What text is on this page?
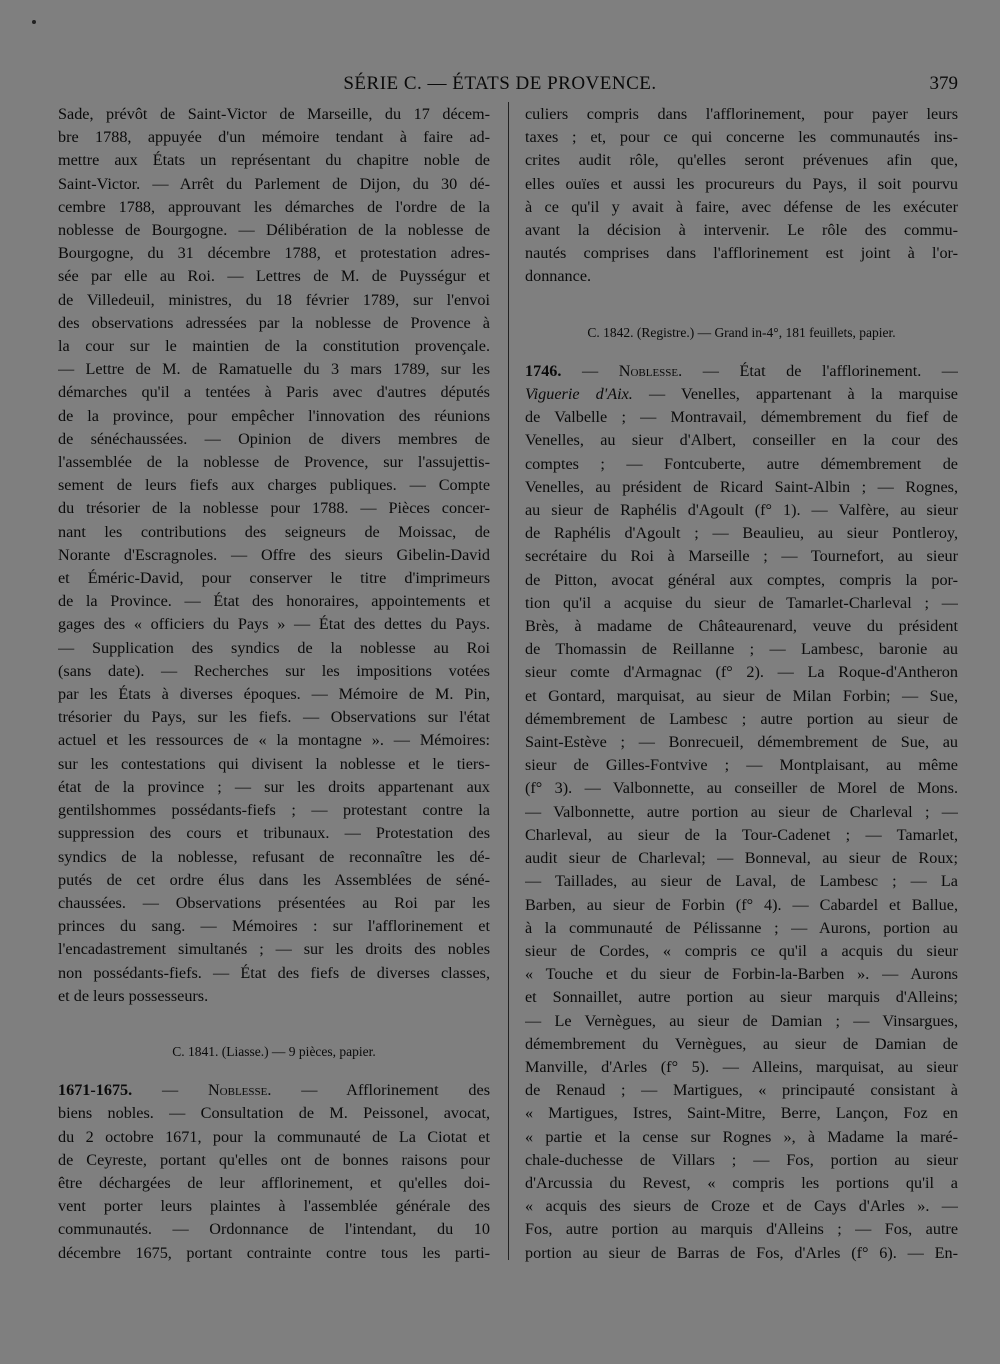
SÉRIE C. — ÉTATS DE PROVENCE.	379

Sade, prévôt de Saint-Victor de Marseille, du 17 décem-

bre 1788, appuyée d'un mémoire tendant à faire ad-

mettre aux États un représentant du chapitre noble de

Saint-Victor. — Arrêt du Parlement de Dijon, du 30 dé-

cembre 1788, approuvant les démarches de l'ordre de la

noblesse de Bourgogne. — Délibération de la noblesse de

Bourgogne, du 31 décembre 1788, et protestation adres-

sée par elle au Roi. — Lettres de M. de Puysségur et

de Villedeuil, ministres, du 18 février 1789, sur l'envoi

des observations adressées par la noblesse de Provence à

la cour sur le maintien de la constitution provençale.

— Lettre de M. de Ramatuelle du 3 mars 1789, sur les

démarches qu'il a tentées à Paris avec d'autres députés

de la province, pour empêcher l'innovation des réunions

de sénéchaussées. — Opinion de divers membres de

l'assemblée de la noblesse de Provence, sur l'assujettis-

sement de leurs fiefs aux charges publiques. — Compte

du trésorier de la noblesse pour 1788. — Pièces concer-

nant les contributions des seigneurs de Moissac, de

Norante d'Escragnoles. — Offre des sieurs Gibelin-David

et Éméric-David, pour conserver le titre d'imprimeurs

de la Province. — État des honoraires, appointements et

gages des « officiers du Pays » — État des dettes du Pays.

— Supplication des syndics de la noblesse au Roi

(sans date). — Recherches sur les impositions votées

par les États à diverses époques. — Mémoire de M. Pin,

trésorier du Pays, sur les fiefs. — Observations sur l'état

actuel et les ressources de « la montagne ». — Mémoires:

sur les contestations qui divisent la noblesse et le tiers-

état de la province ; — sur les droits appartenant aux

gentilshommes possédants-fiefs ; — protestant contre la

suppression des cours et tribunaux. — Protestation des

syndics de la noblesse, refusant de reconnaître les dé-

putés de cet ordre élus dans les Assemblées de séné-

chaussées. — Observations présentées au Roi par les

princes du sang. — Mémoires : sur l'afflorinement et

l'encadastrement simultanés ; — sur les droits des nobles

non possédants-fiefs. — État des fiefs de diverses classes,

et de leurs possesseurs.

C. 1841. (Liasse.) — 9 pièces, papier.

1671-1675. — Noblesse. — Afflorinement des

biens nobles. — Consultation de M. Peissonel, avocat,

du 2 octobre 1671, pour la communauté de La Ciotat et

de Ceyreste, portant qu'elles ont de bonnes raisons pour

être déchargées de leur afflorinement, et qu'elles doi-

vent porter leurs plaintes à l'assemblée générale des

communautés. — Ordonnance de l'intendant, du 10

décembre 1675, portant contrainte contre tous les parti-

culiers compris dans l'afflorinement, pour payer leurs

taxes ; et, pour ce qui concerne les communautés ins-

crites audit rôle, qu'elles seront prévenues afin que,

elles ouïes et aussi les procureurs du Pays, il soit pourvu

à ce qu'il y avait à faire, avec défense de les exécuter

avant la décision à intervenir. Le rôle des commu-

nautés comprises dans l'afflorinement est joint à l'or-

donnance.

C. 1842. (Registre.) — Grand in-4°, 181 feuillets, papier.

1746. — Noblesse. — État de l'afflorinement. —

Viguerie d'Aix. — Venelles, appartenant à la marquise

de Valbelle ; — Montravail, démembrement du fief de

Venelles, au sieur d'Albert, conseiller en la cour des

comptes ; — Fontcuberte, autre démembrement de

Venelles, au président de Ricard Saint-Albin ; — Rognes,

au sieur de Raphélis d'Agoult (f° 1). — Valfère, au sieur

de Raphélis d'Agoult ; — Beaulieu, au sieur Pontleroy,

secrétaire du Roi à Marseille ; — Tournefort, au sieur

de Pitton, avocat général aux comptes, compris la por-

tion qu'il a acquise du sieur de Tamarlet-Charleval ; —

Brès, à madame de Châteaurenard, veuve du président

de Thomassin de Reillanne ; — Lambesc, baronie au

sieur comte d'Armagnac (f° 2). — La Roque-d'Antheron

et Gontard, marquisat, au sieur de Milan Forbin; — Sue,

démembrement de Lambesc ; autre portion au sieur de

Saint-Estève ; — Bonrecueil, démembrement de Sue, au

sieur de Gilles-Fontvive ; — Montplaisant, au même

(f° 3). — Valbonnette, au conseiller de Morel de Mons.

— Valbonnette, autre portion au sieur de Charleval ; —

Charleval, au sieur de la Tour-Cadenet ; — Tamarlet,

audit sieur de Charleval; — Bonneval, au sieur de Roux;

— Taillades, au sieur de Laval, de Lambesc ; — La

Barben, au sieur de Forbin (f° 4). — Cabardel et Ballue,

à la communauté de Pélissanne ; — Aurons, portion au

sieur de Cordes, « compris ce qu'il a acquis du sieur

« Touche et du sieur de Forbin-la-Barben ». — Aurons

et Sonnaillet, autre portion au sieur marquis d'Alleins;

— Le Vernègues, au sieur de Damian ; — Vinsargues,

démembrement du Vernègues, au sieur de Damian de

Manville, d'Arles (f° 5). — Alleins, marquisat, au sieur

de Renaud ; — Martigues, « principauté consistant à

« Martigues, Istres, Saint-Mitre, Berre, Lançon, Foz en

« partie et la cense sur Rognes », à Madame la maré-

chale-duchesse de Villars ; — Fos, portion au sieur

d'Arcussia du Revest, « compris les portions qu'il a

« acquis des sieurs de Croze et de Cays d'Arles ». —

Fos, autre portion au marquis d'Alleins ; — Fos, autre

portion au sieur de Barras de Fos, d'Arles (f° 6). — En-
